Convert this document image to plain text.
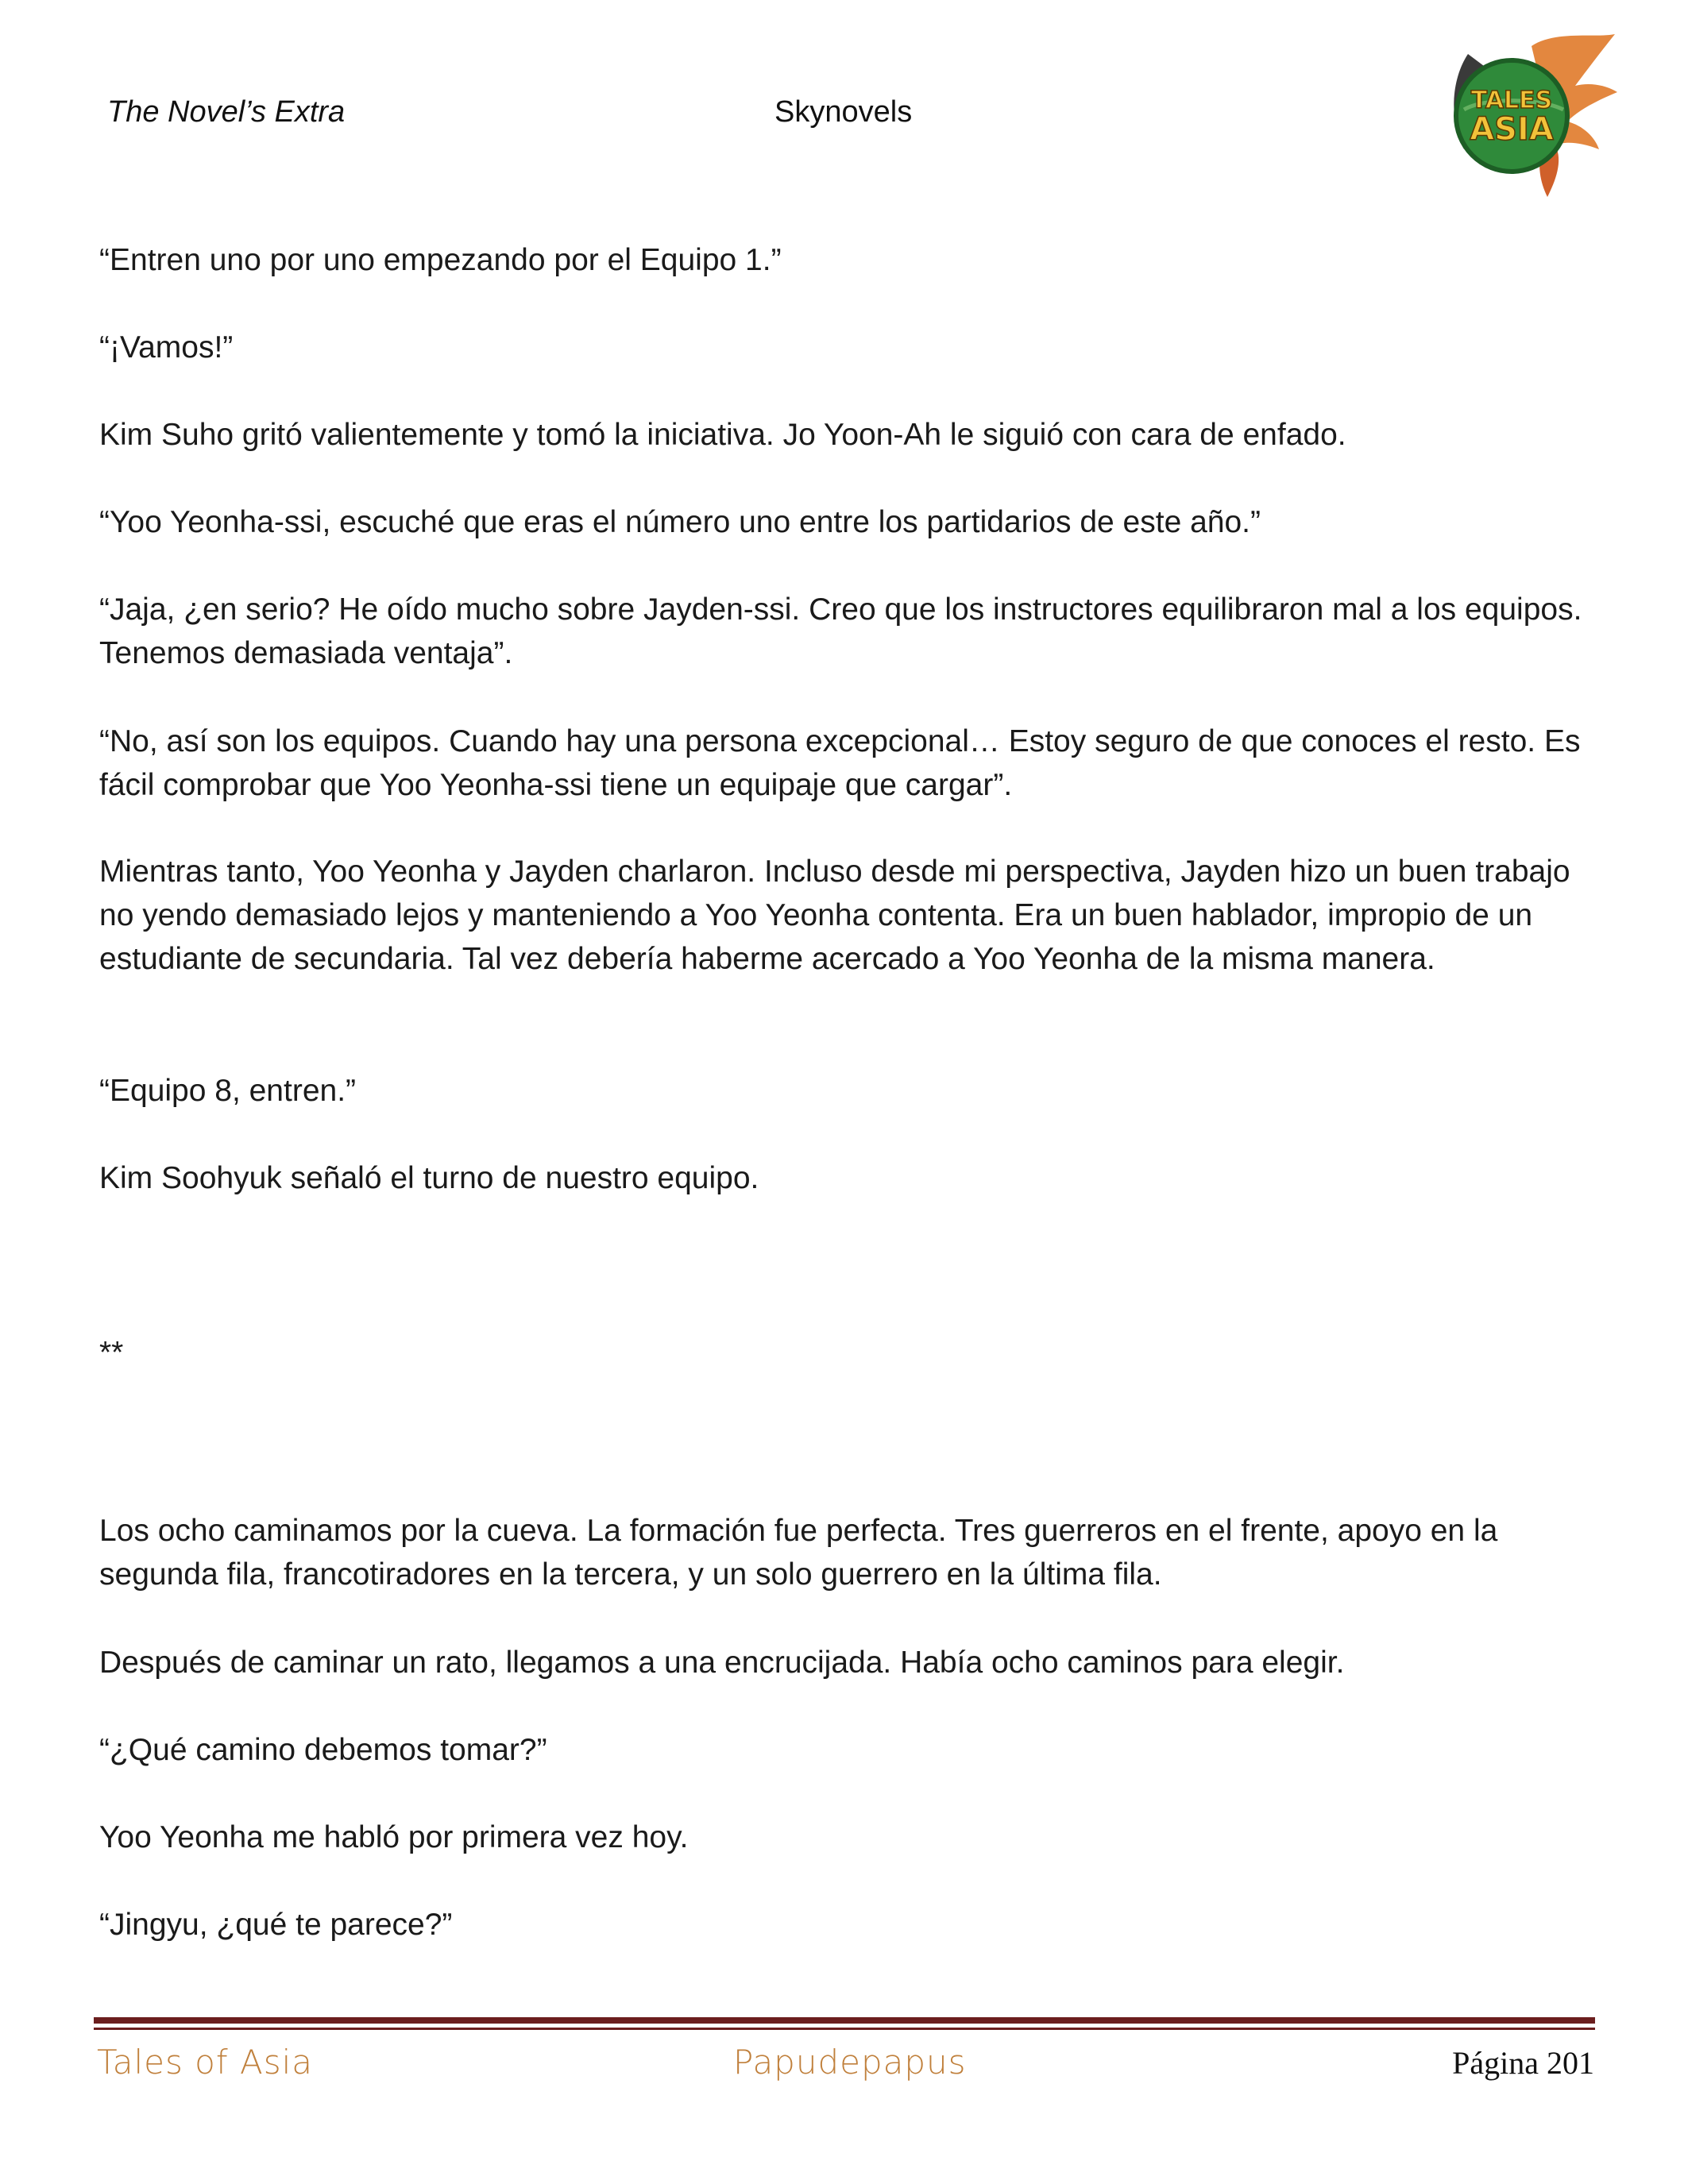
The Novel’s Extra	Skynovels	TALES
ASIA

“Entren uno por uno empezando por el Equipo 1.”

“¡Vamos!”

Kim Suho gritó valientemente y tomó la iniciativa. Jo Yoon-Ah le siguió con cara de enfado.

“Yoo Yeonha-ssi, escuché que eras el número uno entre los partidarios de este año.”

“Jaja, ¿en serio? He oído mucho sobre Jayden-ssi. Creo que los instructores equilibraron mal a los equipos. Tenemos demasiada ventaja”.

“No, así son los equipos. Cuando hay una persona excepcional… Estoy seguro de que conoces el resto. Es fácil comprobar que Yoo Yeonha-ssi tiene un equipaje que cargar”.

Mientras tanto, Yoo Yeonha y Jayden charlaron. Incluso desde mi perspectiva, Jayden hizo un buen trabajo no yendo demasiado lejos y manteniendo a Yoo Yeonha contenta. Era un buen hablador, impropio de un estudiante de secundaria. Tal vez debería haberme acercado a Yoo Yeonha de la misma manera.

“Equipo 8, entren.”

Kim Soohyuk señaló el turno de nuestro equipo.

**

Los ocho caminamos por la cueva. La formación fue perfecta. Tres guerreros en el frente, apoyo en la segunda fila, francotiradores en la tercera, y un solo guerrero en la última fila.

Después de caminar un rato, llegamos a una encrucijada. Había ocho caminos para elegir.

“¿Qué camino debemos tomar?”

Yoo Yeonha me habló por primera vez hoy.

“Jingyu, ¿qué te parece?”

Tales of Asia	Papudepapus	Página 201
